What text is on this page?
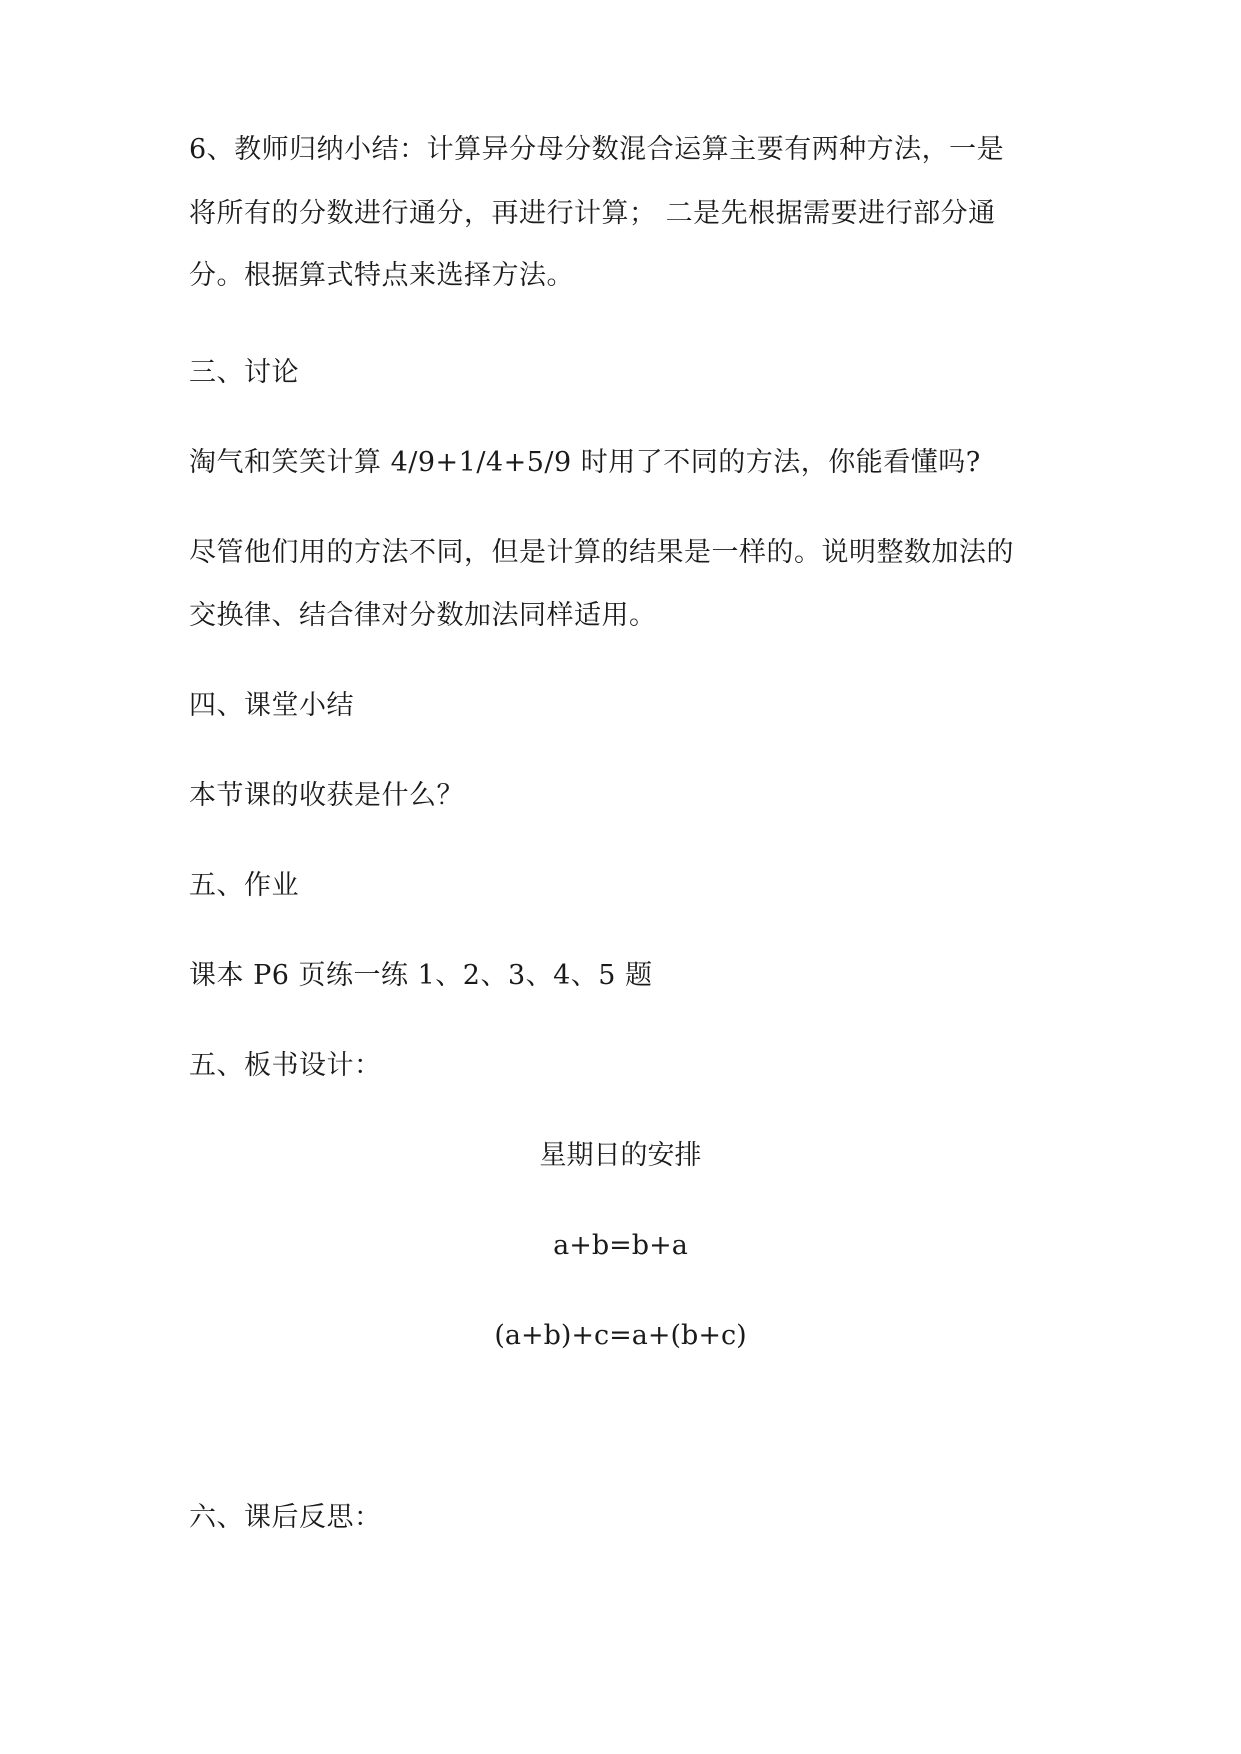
6、教师归纳小结：计算异分母分数混合运算主要有两种方法，一是
将所有的分数进行通分，再进行计算； 二是先根据需要进行部分通
分。根据算式特点来选择方法。
三、讨论
淘气和笑笑计算 4/9+1/4+5/9 时用了不同的方法，你能看懂吗?
尽管他们用的方法不同，但是计算的结果是一样的。说明整数加法的
交换律、结合律对分数加法同样适用。
四、课堂小结
本节课的收获是什么？
五、作业
课本 P6 页练一练 1、2、3、4、5 题
五、板书设计：
星期日的安排
a+b=b+a
(a+b)+c=a+(b+c)
六、课后反思：
